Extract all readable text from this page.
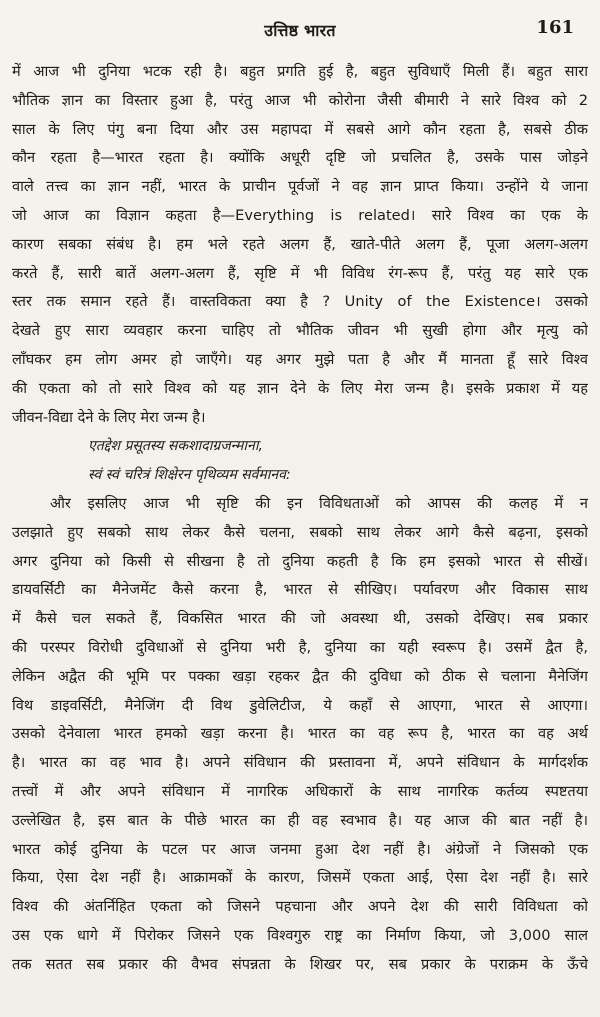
उत्तिष्ठ भारत	161
में आज भी दुनिया भटक रही है। बहुत प्रगति हुई है, बहुत सुविधाएँ मिली हैं। बहुत सारा
भौतिक ज्ञान का विस्तार हुआ है, परंतु आज भी कोरोना जैसी बीमारी ने सारे विश्व को 2
साल के लिए पंगु बना दिया और उस महापदा में सबसे आगे कौन रहता है, सबसे ठीक
कौन रहता है—भारत रहता है। क्योंकि अधूरी दृष्टि जो प्रचलित है, उसके पास जोड़ने
वाले तत्त्व का ज्ञान नहीं, भारत के प्राचीन पूर्वजों ने वह ज्ञान प्राप्त किया। उन्होंने ये जाना
जो आज का विज्ञान कहता है—Everything is related। सारे विश्व का एक के
कारण सबका संबंध है। हम भले रहते अलग हैं, खाते-पीते अलग हैं, पूजा अलग-अलग
करते हैं, सारी बातें अलग-अलग हैं, सृष्टि में भी विविध रंग-रूप हैं, परंतु यह सारे एक
स्तर तक समान रहते हैं। वास्तविकता क्या है ? Unity of the Existence। उसको
देखते हुए सारा व्यवहार करना चाहिए तो भौतिक जीवन भी सुखी होगा और मृत्यु को
लाँघकर हम लोग अमर हो जाएँगे। यह अगर मुझे पता है और मैं मानता हूँ सारे विश्व
की एकता को तो सारे विश्व को यह ज्ञान देने के लिए मेरा जन्म है। इसके प्रकाश में यह
जीवन-विद्या देने के लिए मेरा जन्म है।
एतद्देश प्रसूतस्य सकशादाग्रजन्माना,
स्वं स्वं चरित्रं शिक्षेरन पृथिव्यम सर्वमानव:
और इसलिए आज भी सृष्टि की इन विविधताओं को आपस की कलह में न
उलझाते हुए सबको साथ लेकर कैसे चलना, सबको साथ लेकर आगे कैसे बढ़ना, इसको
अगर दुनिया को किसी से सीखना है तो दुनिया कहती है कि हम इसको भारत से सीखें।
डायवर्सिटी का मैनेजमेंट कैसे करना है, भारत से सीखिए। पर्यावरण और विकास साथ
में कैसे चल सकते हैं, विकसित भारत की जो अवस्था थी, उसको देखिए। सब प्रकार
की परस्पर विरोधी दुविधाओं से दुनिया भरी है, दुनिया का यही स्वरूप है। उसमें द्वैत है,
लेकिन अद्वैत की भूमि पर पक्का खड़ा रहकर द्वैत की दुविधा को ठीक से चलाना मैनेजिंग
विथ डाइवर्सिटी, मैनेजिंग दी विथ डुवेलिटीज, ये कहाँ से आएगा, भारत से आएगा।
उसको देनेवाला भारत हमको खड़ा करना है। भारत का वह रूप है, भारत का वह अर्थ
है। भारत का वह भाव है। अपने संविधान की प्रस्तावना में, अपने संविधान के मार्गदर्शक
तत्त्वों में और अपने संविधान में नागरिक अधिकारों के साथ नागरिक कर्तव्य स्पष्टतया
उल्लेखित है, इस बात के पीछे भारत का ही वह स्वभाव है। यह आज की बात नहीं है।
भारत कोई दुनिया के पटल पर आज जनमा हुआ देश नहीं है। अंग्रेजों ने जिसको एक
किया, ऐसा देश नहीं है। आक्रामकों के कारण, जिसमें एकता आई, ऐसा देश नहीं है। सारे
विश्व की अंतर्निहित एकता को जिसने पहचाना और अपने देश की सारी विविधता को
उस एक धागे में पिरोकर जिसने एक विश्वगुरु राष्ट्र का निर्माण किया, जो 3,000 साल
तक सतत सब प्रकार की वैभव संपन्नता के शिखर पर, सब प्रकार के पराक्रम के ऊँचे
